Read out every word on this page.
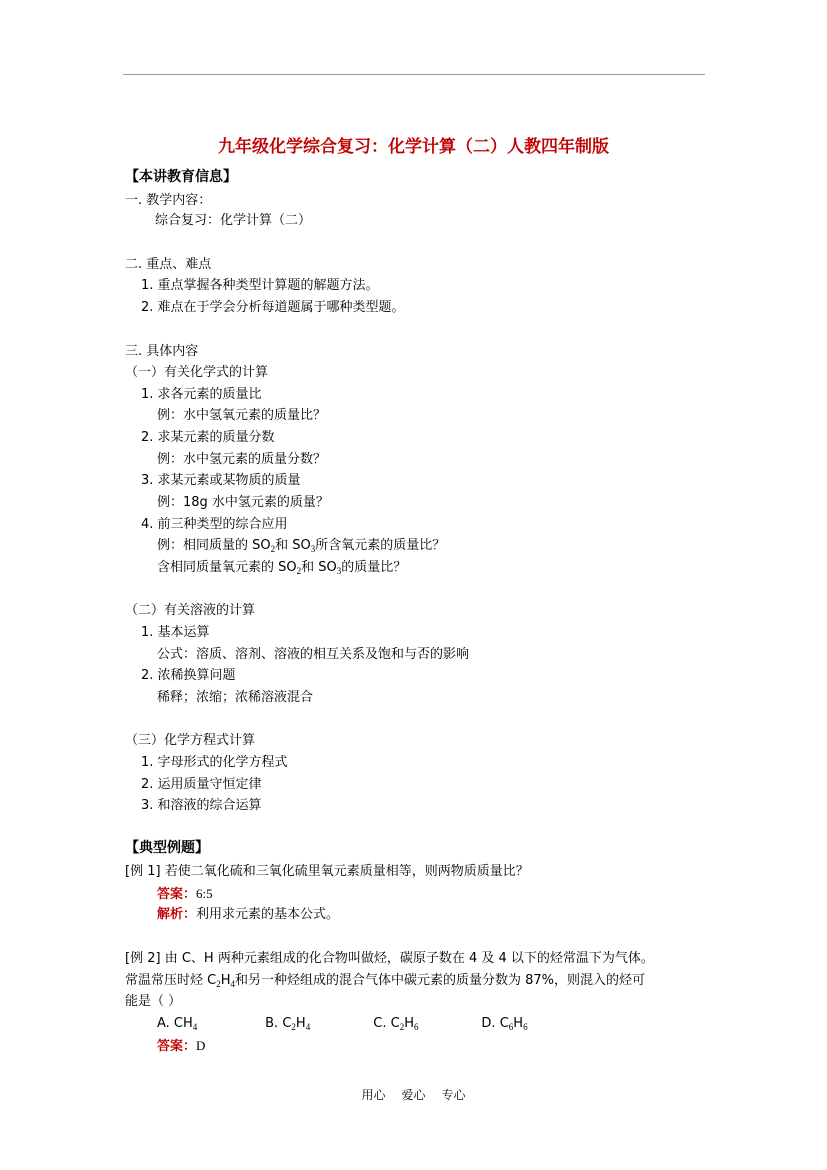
九年级化学综合复习：化学计算（二）人教四年制版
【本讲教育信息】
一. 教学内容：
综合复习：化学计算（二）
二. 重点、难点
1. 重点掌握各种类型计算题的解题方法。
2. 难点在于学会分析每道题属于哪种类型题。
三. 具体内容
（一）有关化学式的计算
1. 求各元素的质量比
例：水中氢氧元素的质量比？
2. 求某元素的质量分数
例：水中氢元素的质量分数？
3. 求某元素或某物质的质量
例：18g 水中氢元素的质量？
4. 前三种类型的综合应用
例：相同质量的 $SO_2$和 $SO_3$所含氧元素的质量比？
含相同质量氧元素的 $SO_2$和 $SO_3$的质量比？
（二）有关溶液的计算
1. 基本运算
公式：溶质、溶剂、溶液的相互关系及饱和与否的影响
2. 浓稀换算问题
稀释；浓缩；浓稀溶液混合
（三）化学方程式计算
1. 字母形式的化学方程式
2. 运用质量守恒定律
3. 和溶液的综合运算
【典型例题】
[例 1] 若使二氧化硫和三氧化硫里氧元素质量相等，则两物质质量比？
答案：6:5
解析：利用求元素的基本公式。
[例 2] 由 C、H 两种元素组成的化合物叫做烃，碳原子数在 4 及 4 以下的烃常温下为气体。
常温常压时烃 $C_2H_4$和另一种烃组成的混合气体中碳元素的质量分数为 87%，则混入的烃可
能是（ ）
A. $CH_4$	B. $C_2H_4$	C. $C_2H_6$	D. $C_6H_6$
答案：D
用心 爱心 专心
